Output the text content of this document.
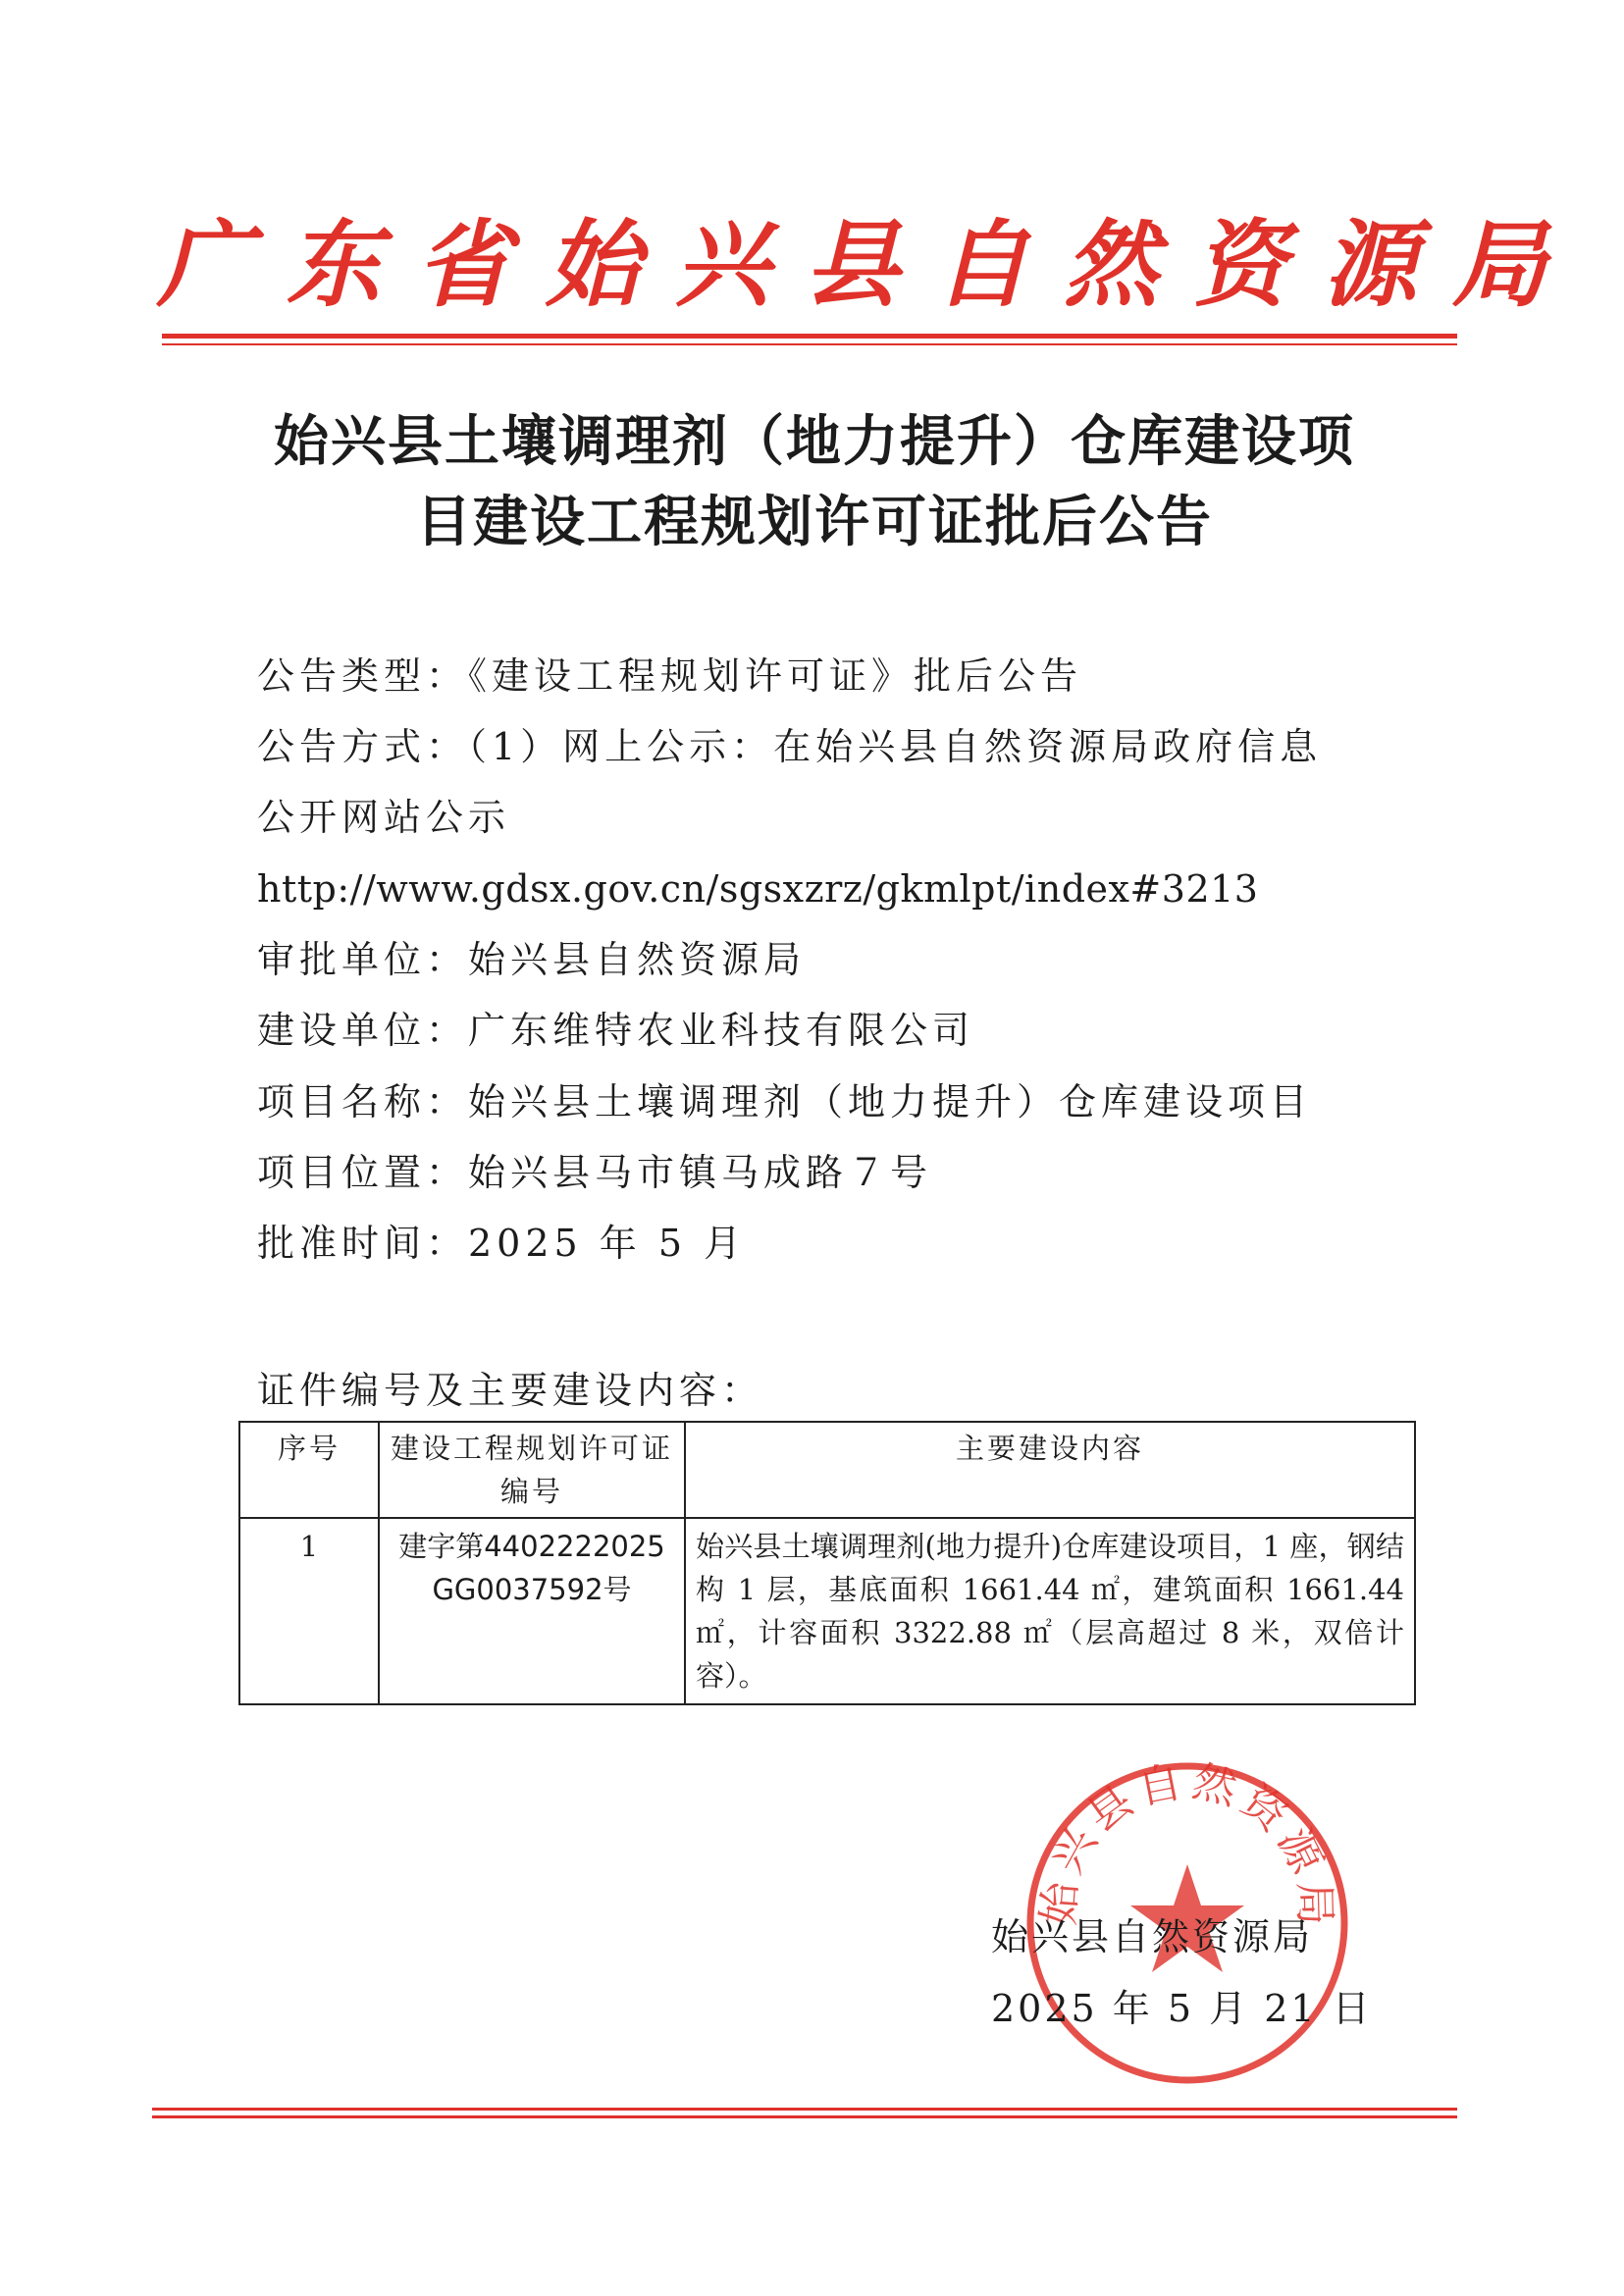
广东省始兴县自然资源局
始兴县土壤调理剂（地力提升）仓库建设项
目建设工程规划许可证批后公告
公告类型：《建设工程规划许可证》批后公告
公告方式：（1）网上公示：在始兴县自然资源局政府信息
公开网站公示
http://www.gdsx.gov.cn/sgsxzrz/gkmlpt/index#3213
审批单位：始兴县自然资源局
建设单位：广东维特农业科技有限公司
项目名称：始兴县土壤调理剂（地力提升）仓库建设项目
项目位置：始兴县马市镇马成路７号
批准时间：2025 年 5 月
证件编号及主要建设内容：
序号	建设工程规划许可证编号	主要建设内容
1	建字第4402222025GG0037592号	始兴县土壤调理剂(地力提升)仓库建设项目，1 座，钢结构 1 层，基底面积 1661.44 ㎡，建筑面积 1661.44 ㎡，计容面积 3322.88 ㎡（层高超过 8 米，双倍计容）。
始兴县自然资源局
始兴县自然资源局
2025 年 5 月 21 日
